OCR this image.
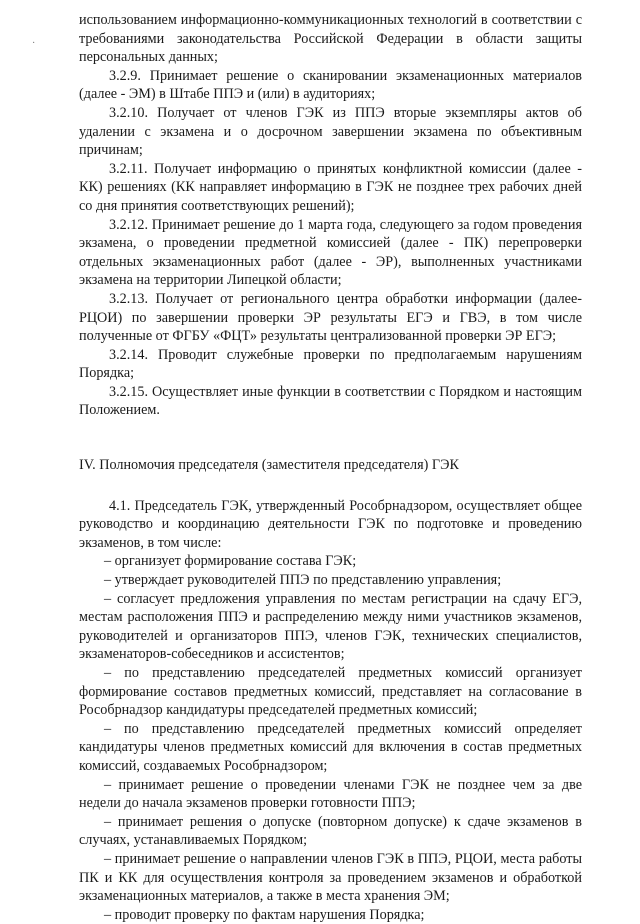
·

использованием информационно-коммуникационных технологий в соответствии с требованиями законодательства Российской Федерации в области защиты персональных данных;

3.2.9. Принимает решение о сканировании экзаменационных материалов (далее - ЭМ) в Штабе ППЭ и (или) в аудиториях;

3.2.10. Получает от членов ГЭК из ППЭ вторые экземпляры актов об удалении с экзамена и о досрочном завершении экзамена по объективным причинам;

3.2.11. Получает информацию о принятых конфликтной комиссии (далее - КК) решениях (КК направляет информацию в ГЭК не позднее трех рабочих дней со дня принятия соответствующих решений);

3.2.12. Принимает решение до 1 марта года, следующего за годом проведения экзамена, о проведении предметной комиссией (далее - ПК) перепроверки отдельных экзаменационных работ (далее - ЭР), выполненных участниками экзамена на территории Липецкой области;

3.2.13. Получает от регионального центра обработки информации (далее- РЦОИ) по завершении проверки ЭР результаты ЕГЭ и ГВЭ, в том числе полученные от ФГБУ «ФЦТ» результаты централизованной проверки ЭР ЕГЭ;

3.2.14. Проводит служебные проверки по предполагаемым нарушениям Порядка;

3.2.15. Осуществляет иные функции в соответствии с Порядком и настоящим Положением.

IV. Полномочия председателя (заместителя председателя) ГЭК

4.1. Председатель ГЭК, утвержденный Рособрнадзором, осуществляет общее руководство и координацию деятельности ГЭК по подготовке и проведению экзаменов, в том числе:

– организует формирование состава ГЭК;

– утверждает руководителей ППЭ по представлению управления;

– согласует предложения управления по местам регистрации на сдачу ЕГЭ, местам расположения ППЭ и распределению между ними участников экзаменов, руководителей и организаторов ППЭ, членов ГЭК, технических специалистов, экзаменаторов-собеседников и ассистентов;

– по представлению председателей предметных комиссий организует формирование составов предметных комиссий, представляет на согласование в Рособрнадзор кандидатуры председателей предметных комиссий;

– по представлению председателей предметных комиссий определяет кандидатуры членов предметных комиссий для включения в состав предметных комиссий, создаваемых Рособрнадзором;

– принимает решение о проведении членами ГЭК не позднее чем за две недели до начала экзаменов проверки готовности ППЭ;

– принимает решения о допуске (повторном допуске) к сдаче экзаменов в случаях, устанавливаемых Порядком;

– принимает решение о направлении членов ГЭК в ППЭ, РЦОИ, места работы ПК и КК для осуществления контроля за проведением экзаменов и обработкой экзаменационных материалов, а также в места хранения ЭМ;

– проводит проверку по фактам нарушения Порядка;
